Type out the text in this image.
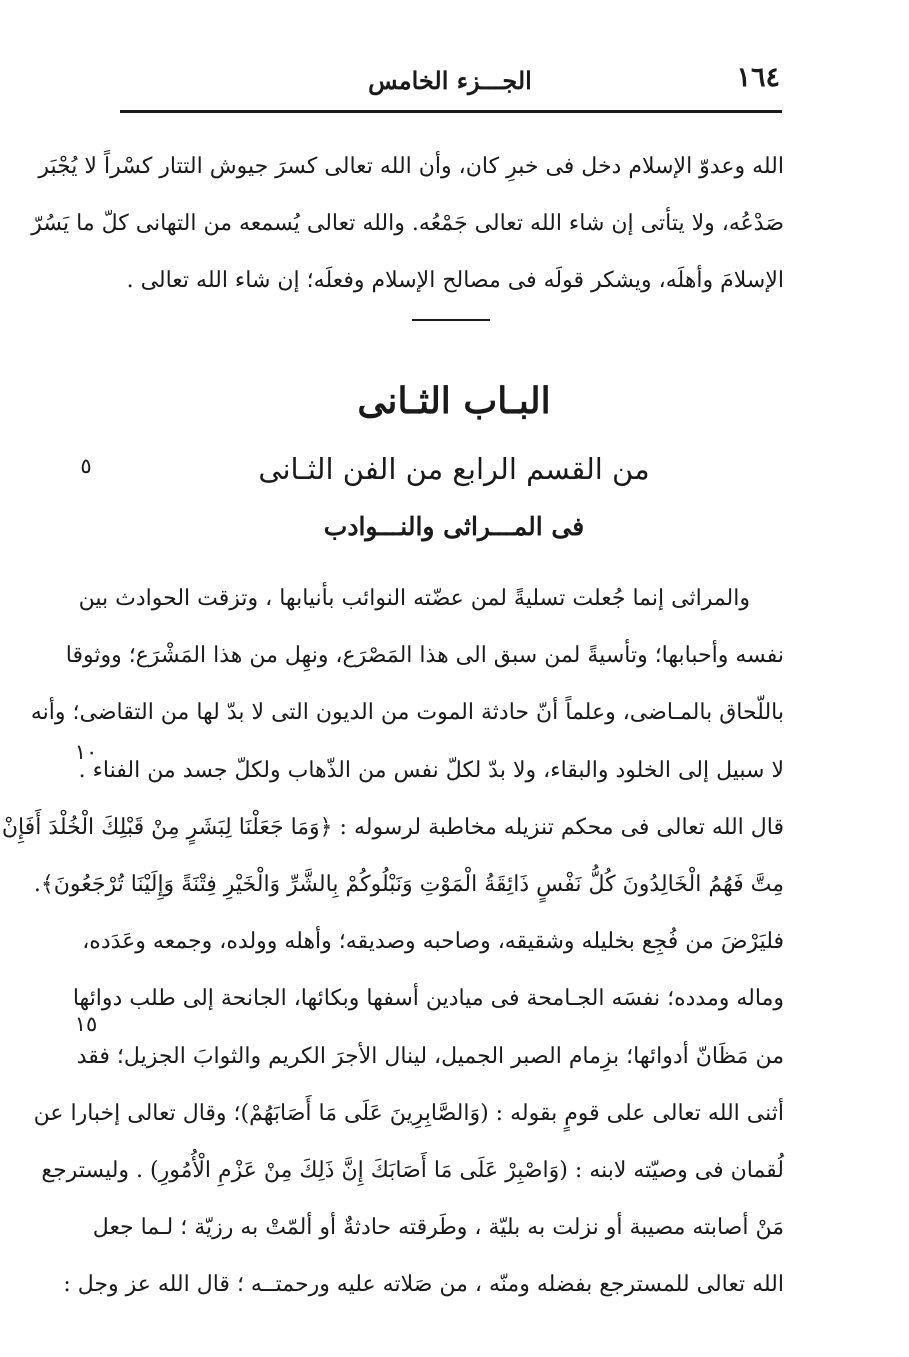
١٦٤
الجـــزء الخامس
الله وعدوّ الإسلام دخل فى خبرِ كان، وأن الله تعالى كسرَ جيوش التتار كسْراً لا يُجْبَر
صَدْعُه، ولا يتأتى إن شاء الله تعالى جَمْعُه. والله تعالى يُسمعه من التهانى كلّ ما يَسُرّ
الإسلامَ وأهلَه، ويشكر قولَه فى مصالح الإسلام وفعلَه؛ إن شاء الله تعالى .
البـاب الثـانى
من القسم الرابع من الفن الثـانى
فى المـــراثى والنـــوادب
٥
والمراثى إنما جُعلت تسليةً لمن عضّته النوائب بأنيابها ، وتزقت الحوادث بين
نفسه وأحبابها؛ وتأسيةً لمن سبق الى هذا المَصْرَع، ونهِل من هذا المَشْرَع؛ ووثوقا
باللّحاق بالمـاضى، وعلماً أنّ حادثة الموت من الديون التى لا بدّ لها من التقاضى؛ وأنه
لا سبيل إلى الخلود والبقاء، ولا بدّ لكلّ نفس من الذّهاب ولكلّ جسد من الفناء .
قال الله تعالى فى محكم تنزيله مخاطبة لرسوله : ﴿وَمَا جَعَلْنَا لِبَشَرٍ مِنْ قَبْلِكَ الْخُلْدَ أَفَإِنْ
مِتَّ فَهُمُ الْخَالِدُونَ كُلُّ نَفْسٍ ذَائِقَةُ الْمَوْتِ وَنَبْلُوكُمْ بِالشَّرِّ وَالْخَيْرِ فِتْنَةً وَإِلَيْنَا تُرْجَعُونَ﴾.
فليَرْضَ من فُجِع بخليله وشقيقه، وصاحبه وصديقه؛ وأهله وولده، وجمعه وعَدَده،
وماله ومدده؛ نفسَه الجـامحة فى ميادين أسفها وبكائها، الجانحة إلى طلب دوائها
من مَظَانّ أدوائها؛ بزِمام الصبر الجميل، لينال الأجرَ الكريم والثوابَ الجزيل؛ فقد
أثنى الله تعالى على قومٍ بقوله : (وَالصَّابِرِينَ عَلَى مَا أَصَابَهُمْ)؛ وقال تعالى إخبارا عن
لُقمان فى وصيّته لابنه : (وَاصْبِرْ عَلَى مَا أَصَابَكَ إِنَّ ذَلِكَ مِنْ عَزْمِ الْأُمُورِ) . وليسترجع
مَنْ أصابته مصيبة أو نزلت به بليّة ، وطَرقته حادثةٌ أو ألمّتْ به رزيّة ؛ لـما جعل
الله تعالى للمسترجع بفضله ومنّه ، من صَلاته عليه ورحمتــه ؛ قال الله عز وجل :
١٠
١٥
